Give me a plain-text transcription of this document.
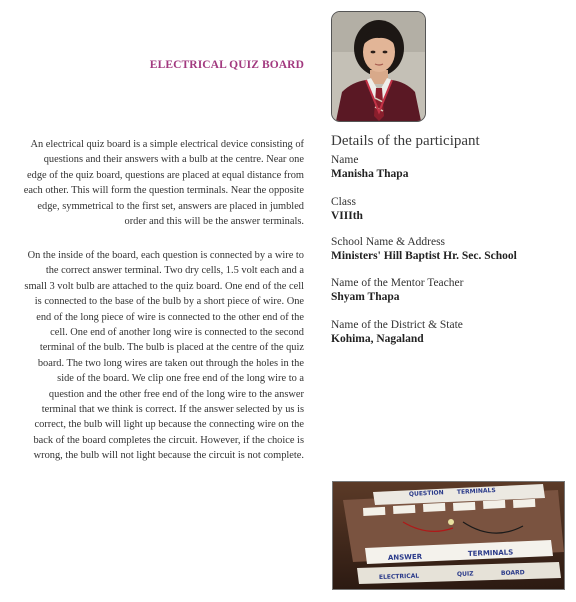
ELECTRICAL QUIZ BOARD
An electrical quiz board is a simple electrical device consisting of questions and their answers with a bulb at the centre. Near one edge of the quiz board, questions are placed at equal distance from each other. This will form the question terminals. Near the opposite edge, symmetrical to the first set, answers are placed in jumbled order and this will be the answer terminals.
On the inside of the board, each question is connected by a wire to the correct answer terminal. Two dry cells, 1.5 volt each and a small 3 volt bulb are attached to the quiz board. One end of the cell is connected to the base of the bulb by a short piece of wire. One end of the long piece of wire is connected to the other end of the cell. One end of another long wire is connected to the second terminal of the bulb. The bulb is placed at the centre of the quiz board. The two long wires are taken out through the holes in the side of the board. We clip one free end of the long wire to a question and the other free end of the long wire to the answer terminal that we think is correct. If the answer selected by us is correct, the bulb will light up because the connecting wire on the back of the board completes the circuit. However, if the choice is wrong, the bulb will not light because the circuit is not complete.
Details of the participant
Name
Manisha Thapa
Class
VIIIth
School Name & Address
Ministers' Hill Baptist Hr. Sec. School
Name of the Mentor Teacher
Shyam Thapa
Name of the District & State
Kohima, Nagaland
QUESTION TERMINALS
ANSWER	TERMINALS
ELECTRICAL	QUIZ	BOARD
